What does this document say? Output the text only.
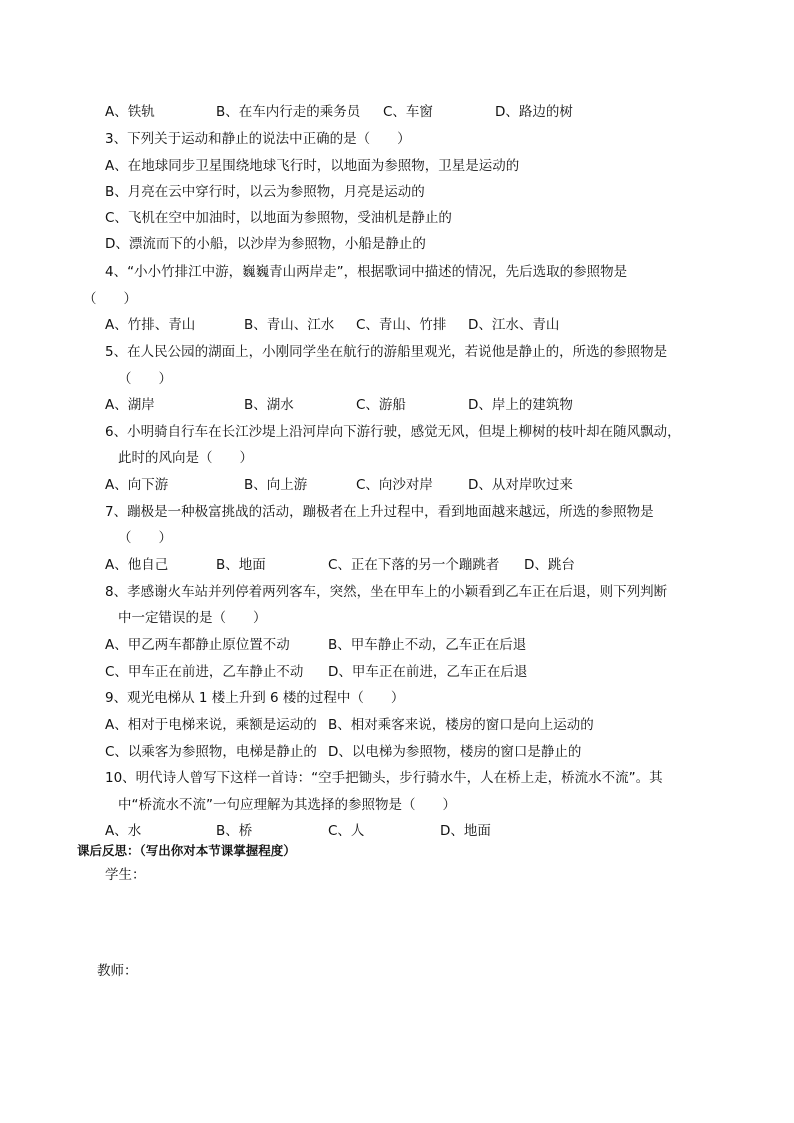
A、铁轨	B、在车内行走的乘务员 C、车窗	D、路边的树
3、下列关于运动和静止的说法中正确的是（　　）
A、在地球同步卫星围绕地球飞行时，以地面为参照物，卫星是运动的
B、月亮在云中穿行时，以云为参照物，月亮是运动的
C、飞机在空中加油时，以地面为参照物，受油机是静止的
D、漂流而下的小船，以沙岸为参照物，小船是静止的
4、“小小竹排江中游，巍巍青山两岸走”，根据歌词中描述的情况，先后选取的参照物是
（　　）
A、竹排、青山	B、青山、江水 C、青山、竹排 D、江水、青山
5、在人民公园的湖面上，小刚同学坐在航行的游船里观光，若说他是静止的，所选的参照物是
（　　）
A、湖岸	B、湖水	C、游船	D、岸上的建筑物
6、小明骑自行车在长江沙堤上沿河岸向下游行驶，感觉无风，但堤上柳树的枝叶却在随风飘动，
此时的风向是（　　）
A、向下游	B、向上游	C、向沙对岸	D、从对岸吹过来
7、蹦极是一种极富挑战的活动，蹦极者在上升过程中，看到地面越来越远，所选的参照物是
（　　）
A、他自己	B、地面	C、正在下落的另一个蹦跳者 D、跳台
8、孝感谢火车站并列停着两列客车，突然，坐在甲车上的小颖看到乙车正在后退，则下列判断
中一定错误的是（　　）
A、甲乙两车都静止原位置不动	B、甲车静止不动，乙车正在后退
C、甲车正在前进，乙车静止不动 D、甲车正在前进，乙车正在后退
9、观光电梯从 1 楼上升到 6 楼的过程中（　　）
A、相对于电梯来说，乘额是运动的 B、相对乘客来说，楼房的窗口是向上运动的
C、以乘客为参照物，电梯是静止的 D、以电梯为参照物，楼房的窗口是静止的
10、明代诗人曾写下这样一首诗：“空手把锄头，步行骑水牛，人在桥上走，桥流水不流”。其
中“桥流水不流”一句应理解为其选择的参照物是（　　）
A、水	B、桥	C、人	D、地面
课后反思：（写出你对本节课掌握程度）
学生：
教师：
